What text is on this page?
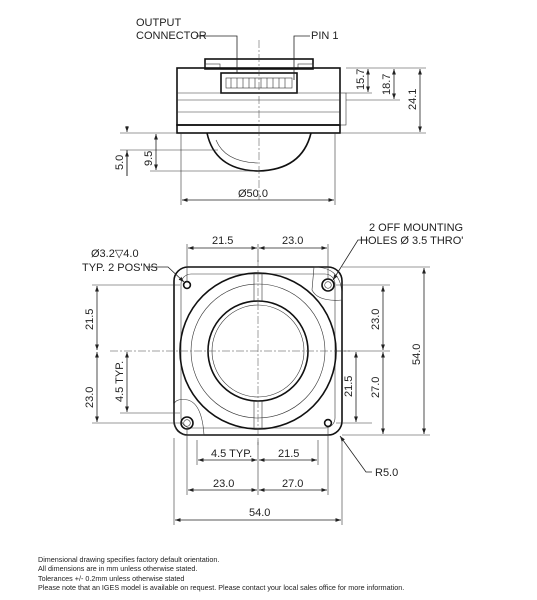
OUTPUT
CONNECTOR	PIN 1
15.7 18.7
24.1
5.0 9.5
Ø50.0
21.5	23.0
Ø3.2▽4.0
TYP. 2 POS'NS
2 OFF MOUNTING
HOLES Ø 3.5 THRO'
21.5
23.0 4.5 TYP.
23.0
21.5 27.0
54.0
4.5 TYP. 21.5
23.0	27.0
54.0
R5.0
Dimensional drawing specifies factory default orientation.
All dimensions are in mm unless otherwise stated.
Tolerances +/- 0.2mm unless otherwise stated
Please note that an IGES model is available on request. Please contact your local sales office for more information.
